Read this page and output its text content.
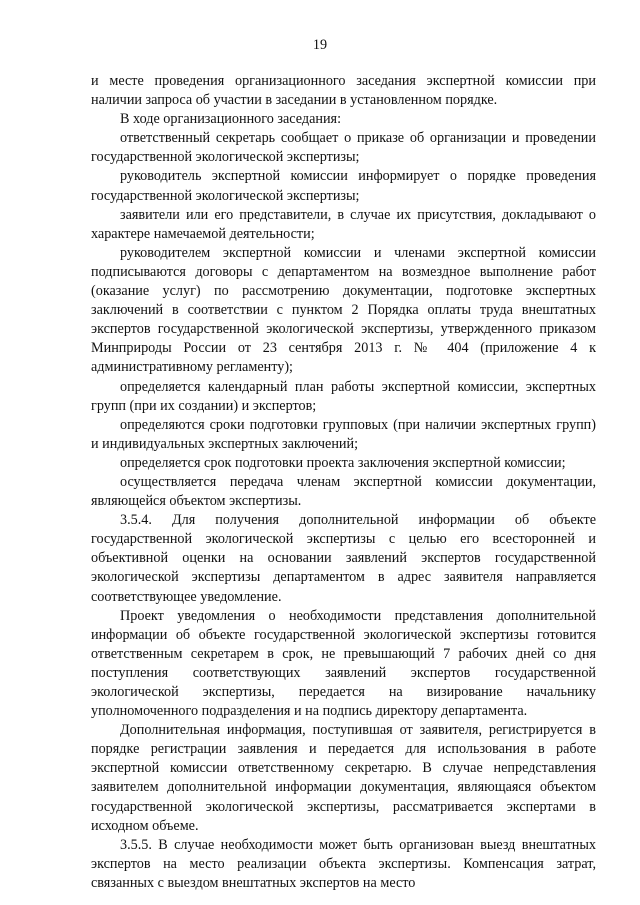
19

и месте проведения организационного заседания экспертной комиссии при наличии запроса об участии в заседании в установленном порядке.

В ходе организационного заседания:

ответственный секретарь сообщает о приказе об организации и проведении государственной экологической экспертизы;

руководитель экспертной комиссии информирует о порядке проведения государственной экологической экспертизы;

заявители или его представители, в случае их присутствия, докладывают о характере намечаемой деятельности;

руководителем экспертной комиссии и членами экспертной комиссии подписываются договоры с департаментом на возмездное выполнение работ (оказание услуг) по рассмотрению документации, подготовке экспертных заключений в соответствии с пунктом 2 Порядка оплаты труда внештатных экспертов государственной экологической экспертизы, утвержденного приказом Минприроды России от 23 сентября 2013 г. № 404 (приложение 4 к административному регламенту);

определяется календарный план работы экспертной комиссии, экспертных групп (при их создании) и экспертов;

определяются сроки подготовки групповых (при наличии экспертных групп) и индивидуальных экспертных заключений;

определяется срок подготовки проекта заключения экспертной комиссии;

осуществляется передача членам экспертной комиссии документации, являющейся объектом экспертизы.

3.5.4. Для получения дополнительной информации об объекте государственной экологической экспертизы с целью его всесторонней и объективной оценки на основании заявлений экспертов государственной экологической экспертизы департаментом в адрес заявителя направляется соответствующее уведомление.

Проект уведомления о необходимости представления дополнительной информации об объекте государственной экологической экспертизы готовится ответственным секретарем в срок, не превышающий 7 рабочих дней со дня поступления соответствующих заявлений экспертов государственной экологической экспертизы, передается на визирование начальнику уполномоченного подразделения и на подпись директору департамента.

Дополнительная информация, поступившая от заявителя, регистрируется в порядке регистрации заявления и передается для использования в работе экспертной комиссии ответственному секретарю. В случае непредставления заявителем дополнительной информации документация, являющаяся объектом государственной экологической экспертизы, рассматривается экспертами в исходном объеме.

3.5.5. В случае необходимости может быть организован выезд внештатных экспертов на место реализации объекта экспертизы. Компенсация затрат, связанных с выездом внештатных экспертов на место
